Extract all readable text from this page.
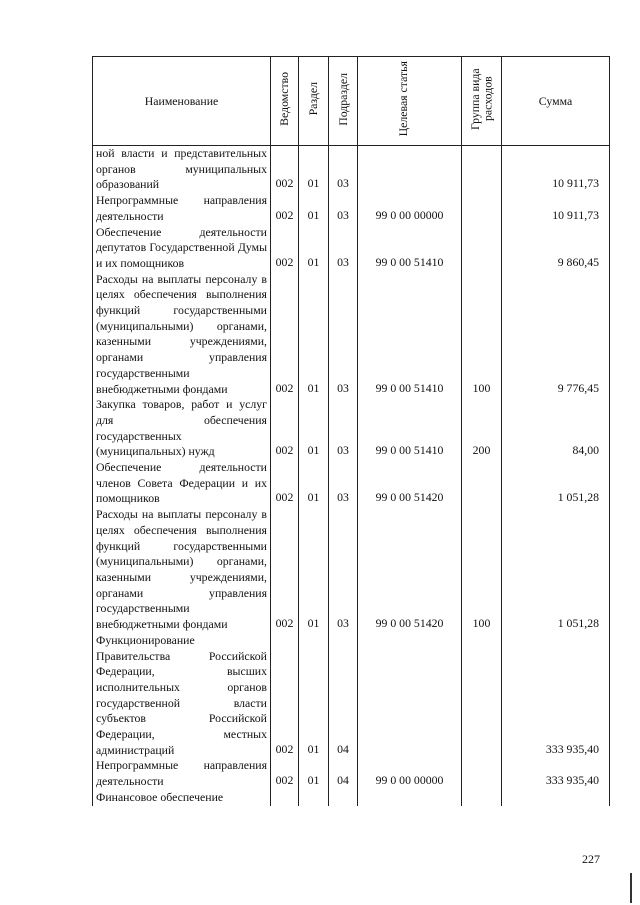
Наименование	Ведомство	Раздел	Подраздел	Целевая статья	Группа вида расходов	Сумма
ной власти и представительных органов муниципальных образований	002	01	03			10 911,73
Непрограммные направления деятельности	002	01	03	99 0 00 00000		10 911,73
Обеспечение деятельности депутатов Государственной Думы и их помощников	002	01	03	99 0 00 51410		9 860,45
Расходы на выплаты персоналу в целях обеспечения выполнения функций государственными (муниципальными) органами, казенными учреждениями, органами управления государственными внебюджетными фондами	002	01	03	99 0 00 51410	100	9 776,45
Закупка товаров, работ и услуг для обеспечения государственных (муниципальных) нужд	002	01	03	99 0 00 51410	200	84,00
Обеспечение деятельности членов Совета Федерации и их помощников	002	01	03	99 0 00 51420		1 051,28
Расходы на выплаты персоналу в целях обеспечения выполнения функций государственными (муниципальными) органами, казенными учреждениями, органами управления государственными внебюджетными фондами	002	01	03	99 0 00 51420	100	1 051,28
Функционирование Правительства Российской Федерации, высших исполнительных органов государственной власти субъектов Российской Федерации, местных администраций	002	01	04			333 935,40
Непрограммные направления деятельности	002	01	04	99 0 00 00000		333 935,40
Финансовое обеспечение						
227
